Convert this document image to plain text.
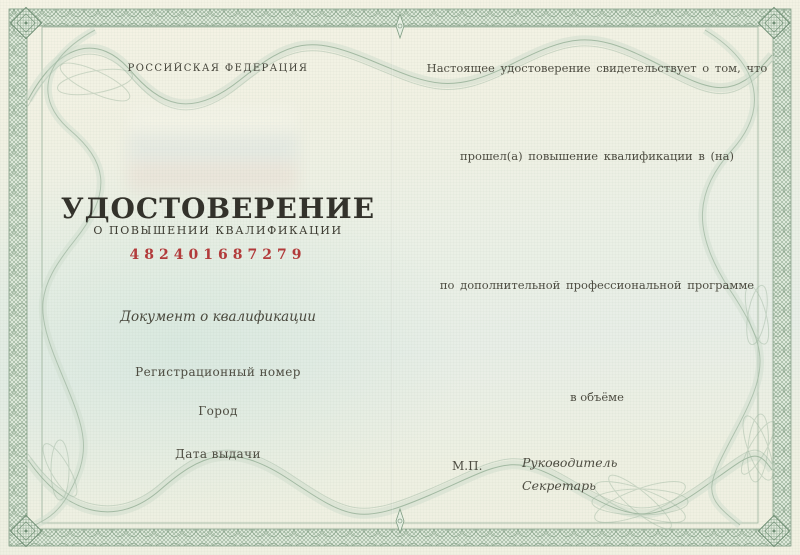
РОССИЙСКАЯ ФЕДЕРАЦИЯ
УДОСТОВЕРЕНИЕ
О ПОВЫШЕНИИ КВАЛИФИКАЦИИ
482401687279
Документ о квалификации
Регистрационный номер
Город
Дата выдачи
Настоящее удостоверение свидетельствует о том, что
прошел(а) повышение квалификации в (на)
по дополнительной профессиональной программе
в объёме
М.П.	Руководитель
Секретарь
